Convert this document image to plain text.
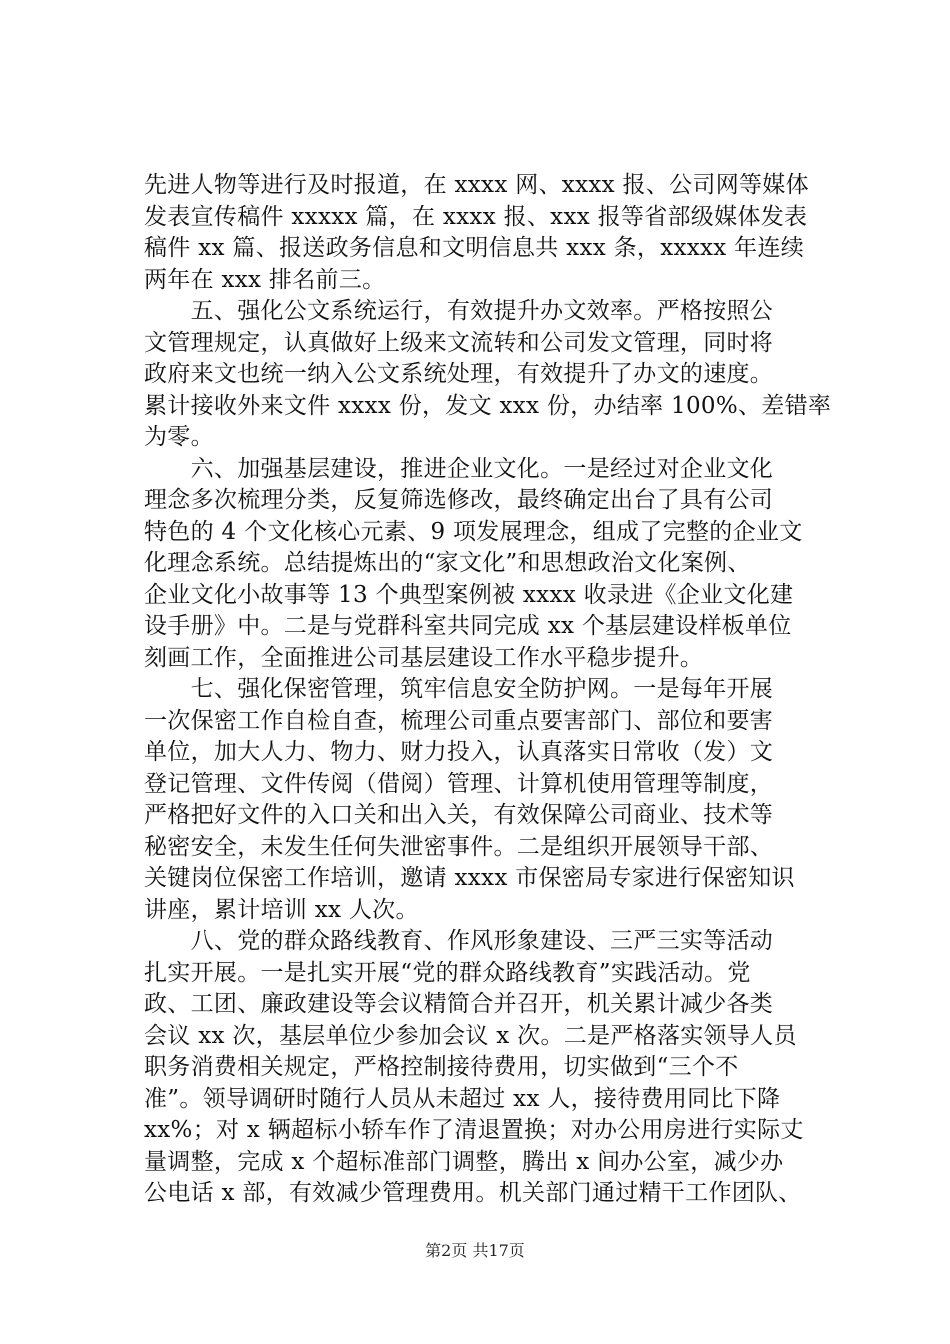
先进人物等进行及时报道，在 xxxx 网、xxxx 报、公司网等媒体
发表宣传稿件 xxxxx 篇，在 xxxx 报、xxx 报等省部级媒体发表
稿件 xx 篇、报送政务信息和文明信息共 xxx 条，xxxxx 年连续
两年在 xxx 排名前三。
　　五、强化公文系统运行，有效提升办文效率。严格按照公
文管理规定，认真做好上级来文流转和公司发文管理，同时将
政府来文也统一纳入公文系统处理，有效提升了办文的速度。
累计接收外来文件 xxxx 份，发文 xxx 份，办结率 100%、差错率
为零。
　　六、加强基层建设，推进企业文化。一是经过对企业文化
理念多次梳理分类，反复筛选修改，最终确定出台了具有公司
特色的 4 个文化核心元素、9 项发展理念，组成了完整的企业文
化理念系统。总结提炼出的“家文化”和思想政治文化案例、
企业文化小故事等 13 个典型案例被 xxxx 收录进《企业文化建
设手册》中。二是与党群科室共同完成 xx 个基层建设样板单位
刻画工作，全面推进公司基层建设工作水平稳步提升。
　　七、强化保密管理，筑牢信息安全防护网。一是每年开展
一次保密工作自检自查，梳理公司重点要害部门、部位和要害
单位，加大人力、物力、财力投入，认真落实日常收（发）文
登记管理、文件传阅（借阅）管理、计算机使用管理等制度，
严格把好文件的入口关和出入关，有效保障公司商业、技术等
秘密安全，未发生任何失泄密事件。二是组织开展领导干部、
关键岗位保密工作培训，邀请 xxxx 市保密局专家进行保密知识
讲座，累计培训 xx 人次。
　　八、党的群众路线教育、作风形象建设、三严三实等活动
扎实开展。一是扎实开展“党的群众路线教育”实践活动。党
政、工团、廉政建设等会议精简合并召开，机关累计减少各类
会议 xx 次，基层单位少参加会议 x 次。二是严格落实领导人员
职务消费相关规定，严格控制接待费用，切实做到“三个不
准”。领导调研时随行人员从未超过 xx 人，接待费用同比下降
xx%；对 x 辆超标小轿车作了清退置换；对办公用房进行实际丈
量调整，完成 x 个超标准部门调整，腾出 x 间办公室，减少办
公电话 x 部，有效减少管理费用。机关部门通过精干工作团队、
第2页 共17页
